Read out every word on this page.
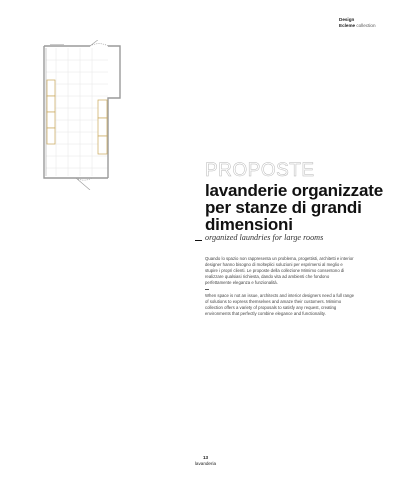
Design
Ecleme collection
PROPOSTE
lavanderie organizzate
per stanze di grandi
dimensioni
organized laundries for large rooms

Quando lo spazio non rappresenta un problema, progettisti, architetti e interior designer hanno bisogno di molteplici soluzioni per esprimersi al meglio e stupire i propri clienti. Le proposte della collezione Mimimo consentono di realizzare qualsiasi richiesta, dando vita ad ambienti che fondono perfettamente eleganza e funzionalità.

When space is not an issue, architects and interior designers need a full range of solutions to express themselves and amaze their customers. Mimimo collection offers a variety of proposals to satisfy any request, creating environments that perfectly combine elegance and functionality.

13
lavanderia
